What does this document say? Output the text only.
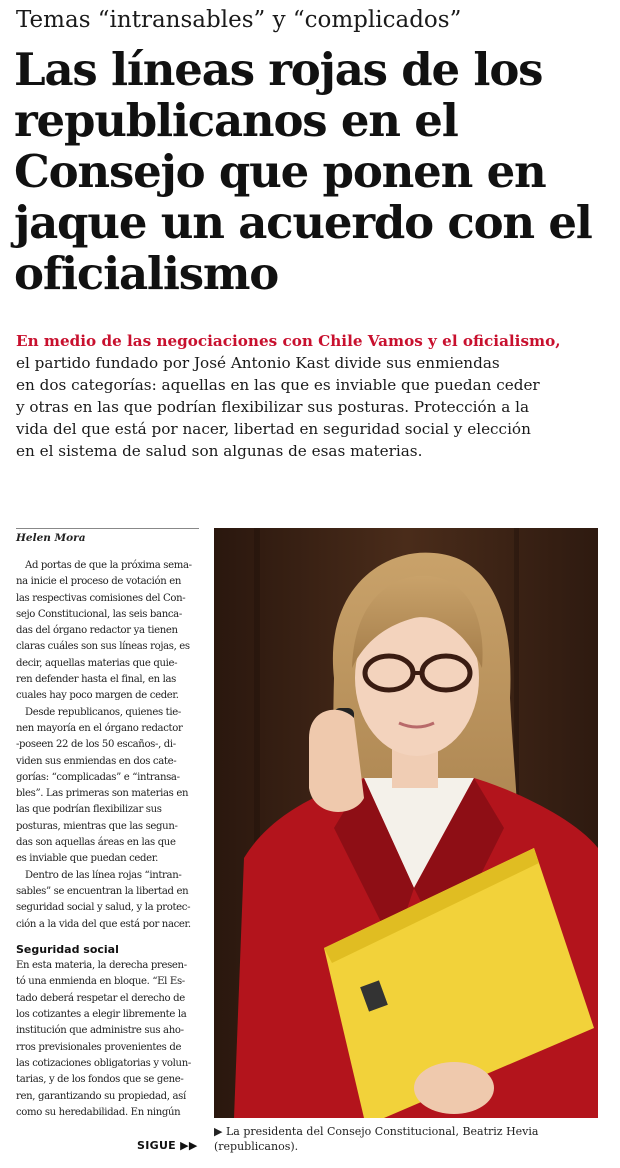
Temas “intransables” y “complicados”
Las líneas rojas de los
republicanos en el
Consejo que ponen en
jaque un acuerdo con el
oficialismo
En medio de las negociaciones con Chile Vamos y el oficialismo,
el partido fundado por José Antonio Kast divide sus enmiendas
en dos categorías: aquellas en las que es inviable que puedan ceder
y otras en las que podrían flexibilizar sus posturas. Protección a la
vida del que está por nacer, libertad en seguridad social y elección
en el sistema de salud son algunas de esas materias.
Helen Mora
Ad portas de que la próxima sema-
na inicie el proceso de votación en
las respectivas comisiones del Con-
sejo Constitucional, las seis banca-
das del órgano redactor ya tienen
claras cuáles son sus líneas rojas, es
decir, aquellas materias que quie-
ren defender hasta el final, en las
cuales hay poco margen de ceder.
Desde republicanos, quienes tie-
nen mayoría en el órgano redactor
-poseen 22 de los 50 escaños-, di-
viden sus enmiendas en dos cate-
gorías: “complicadas” e “intransa-
bles”. Las primeras son materias en
las que podrían flexibilizar sus
posturas, mientras que las segun-
das son aquellas áreas en las que
es inviable que puedan ceder.
Dentro de las línea rojas “intran-
sables” se encuentran la libertad en
seguridad social y salud, y la protec-
ción a la vida del que está por nacer.
Seguridad social
En esta materia, la derecha presen-
tó una enmienda en bloque. “El Es-
tado deberá respetar el derecho de
los cotizantes a elegir libremente la
institución que administre sus aho-
rros previsionales provenientes de
las cotizaciones obligatorias y volun-
tarias, y de los fondos que se gene-
ren, garantizando su propiedad, así
como su heredabilidad. En ningún
SIGUE ▶▶
▶ La presidenta del Consejo Constitucional, Beatriz Hevia
(republicanos).
